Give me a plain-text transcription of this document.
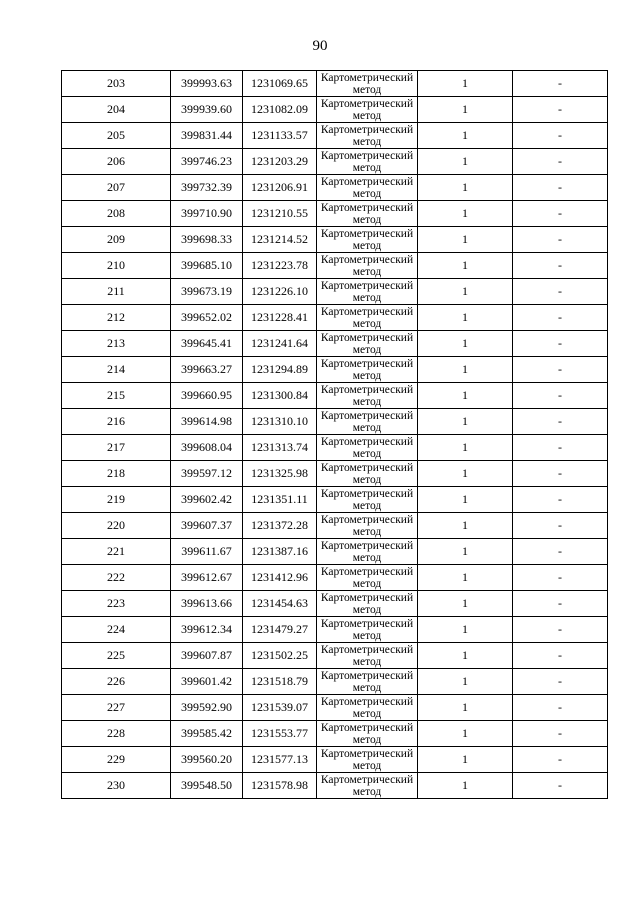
90
203	399993.63	1231069.65	Картометрический метод	1	-
204	399939.60	1231082.09	Картометрический метод	1	-
205	399831.44	1231133.57	Картометрический метод	1	-
206	399746.23	1231203.29	Картометрический метод	1	-
207	399732.39	1231206.91	Картометрический метод	1	-
208	399710.90	1231210.55	Картометрический метод	1	-
209	399698.33	1231214.52	Картометрический метод	1	-
210	399685.10	1231223.78	Картометрический метод	1	-
211	399673.19	1231226.10	Картометрический метод	1	-
212	399652.02	1231228.41	Картометрический метод	1	-
213	399645.41	1231241.64	Картометрический метод	1	-
214	399663.27	1231294.89	Картометрический метод	1	-
215	399660.95	1231300.84	Картометрический метод	1	-
216	399614.98	1231310.10	Картометрический метод	1	-
217	399608.04	1231313.74	Картометрический метод	1	-
218	399597.12	1231325.98	Картометрический метод	1	-
219	399602.42	1231351.11	Картометрический метод	1	-
220	399607.37	1231372.28	Картометрический метод	1	-
221	399611.67	1231387.16	Картометрический метод	1	-
222	399612.67	1231412.96	Картометрический метод	1	-
223	399613.66	1231454.63	Картометрический метод	1	-
224	399612.34	1231479.27	Картометрический метод	1	-
225	399607.87	1231502.25	Картометрический метод	1	-
226	399601.42	1231518.79	Картометрический метод	1	-
227	399592.90	1231539.07	Картометрический метод	1	-
228	399585.42	1231553.77	Картометрический метод	1	-
229	399560.20	1231577.13	Картометрический метод	1	-
230	399548.50	1231578.98	Картометрический метод	1	-
